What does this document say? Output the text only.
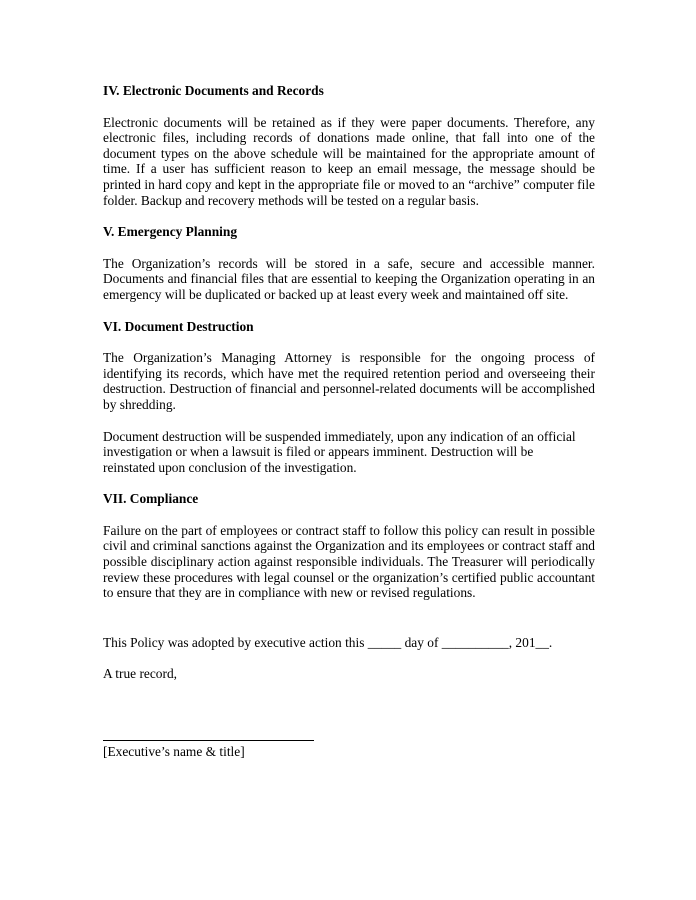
IV. Electronic Documents and Records

Electronic documents will be retained as if they were paper documents. Therefore, any electronic files, including records of donations made online, that fall into one of the document types on the above schedule will be maintained for the appropriate amount of time. If a user has sufficient reason to keep an email message, the message should be printed in hard copy and kept in the appropriate file or moved to an “archive” computer file folder. Backup and recovery methods will be tested on a regular basis.

V. Emergency Planning

The Organization’s records will be stored in a safe, secure and accessible manner. Documents and financial files that are essential to keeping the Organization operating in an emergency will be duplicated or backed up at least every week and maintained off site.

VI. Document Destruction

The Organization’s Managing Attorney is responsible for the ongoing process of identifying its records, which have met the required retention period and overseeing their destruction. Destruction of financial and personnel-related documents will be accomplished by shredding.

Document destruction will be suspended immediately, upon any indication of an official investigation or when a lawsuit is filed or appears imminent. Destruction will be reinstated upon conclusion of the investigation.

VII. Compliance

Failure on the part of employees or contract staff to follow this policy can result in possible civil and criminal sanctions against the Organization and its employees or contract staff and possible disciplinary action against responsible individuals. The Treasurer will periodically review these procedures with legal counsel or the organization’s certified public accountant to ensure that they are in compliance with new or revised regulations.

This Policy was adopted by executive action this _____ day of __________, 201__.

A true record,

[Executive’s name & title]
